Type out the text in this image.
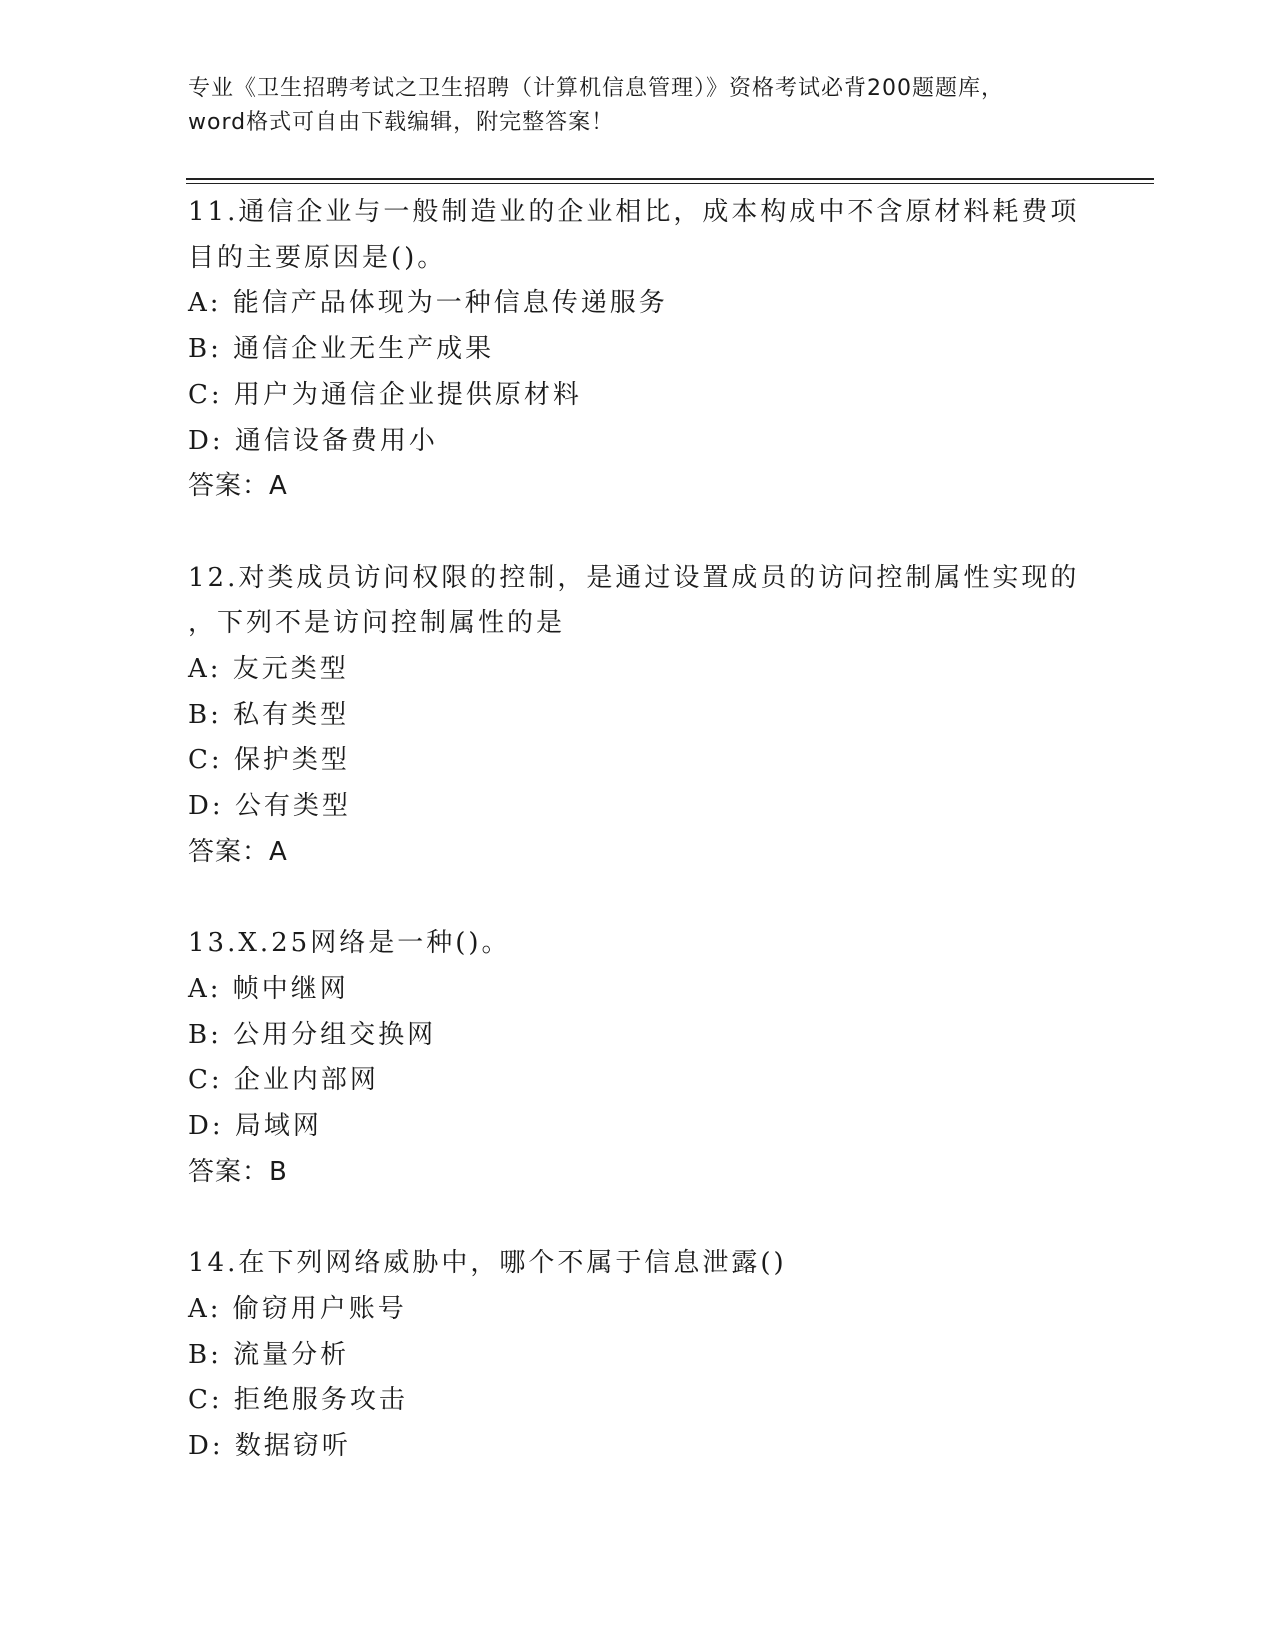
专业《卫生招聘考试之卫生招聘（计算机信息管理）》资格考试必背200题题库，
word格式可自由下载编辑，附完整答案！
11.通信企业与一般制造业的企业相比，成本构成中不含原材料耗费项
目的主要原因是()。
A: 能信产品体现为一种信息传递服务
B: 通信企业无生产成果
C: 用户为通信企业提供原材料
D: 通信设备费用小
答案：A
12.对类成员访问权限的控制，是通过设置成员的访问控制属性实现的
，下列不是访问控制属性的是
A: 友元类型
B: 私有类型
C: 保护类型
D: 公有类型
答案：A
13.X.25网络是一种()。
A: 帧中继网
B: 公用分组交换网
C: 企业内部网
D: 局域网
答案：B
14.在下列网络威胁中，哪个不属于信息泄露()
A: 偷窃用户账号
B: 流量分析
C: 拒绝服务攻击
D: 数据窃听
